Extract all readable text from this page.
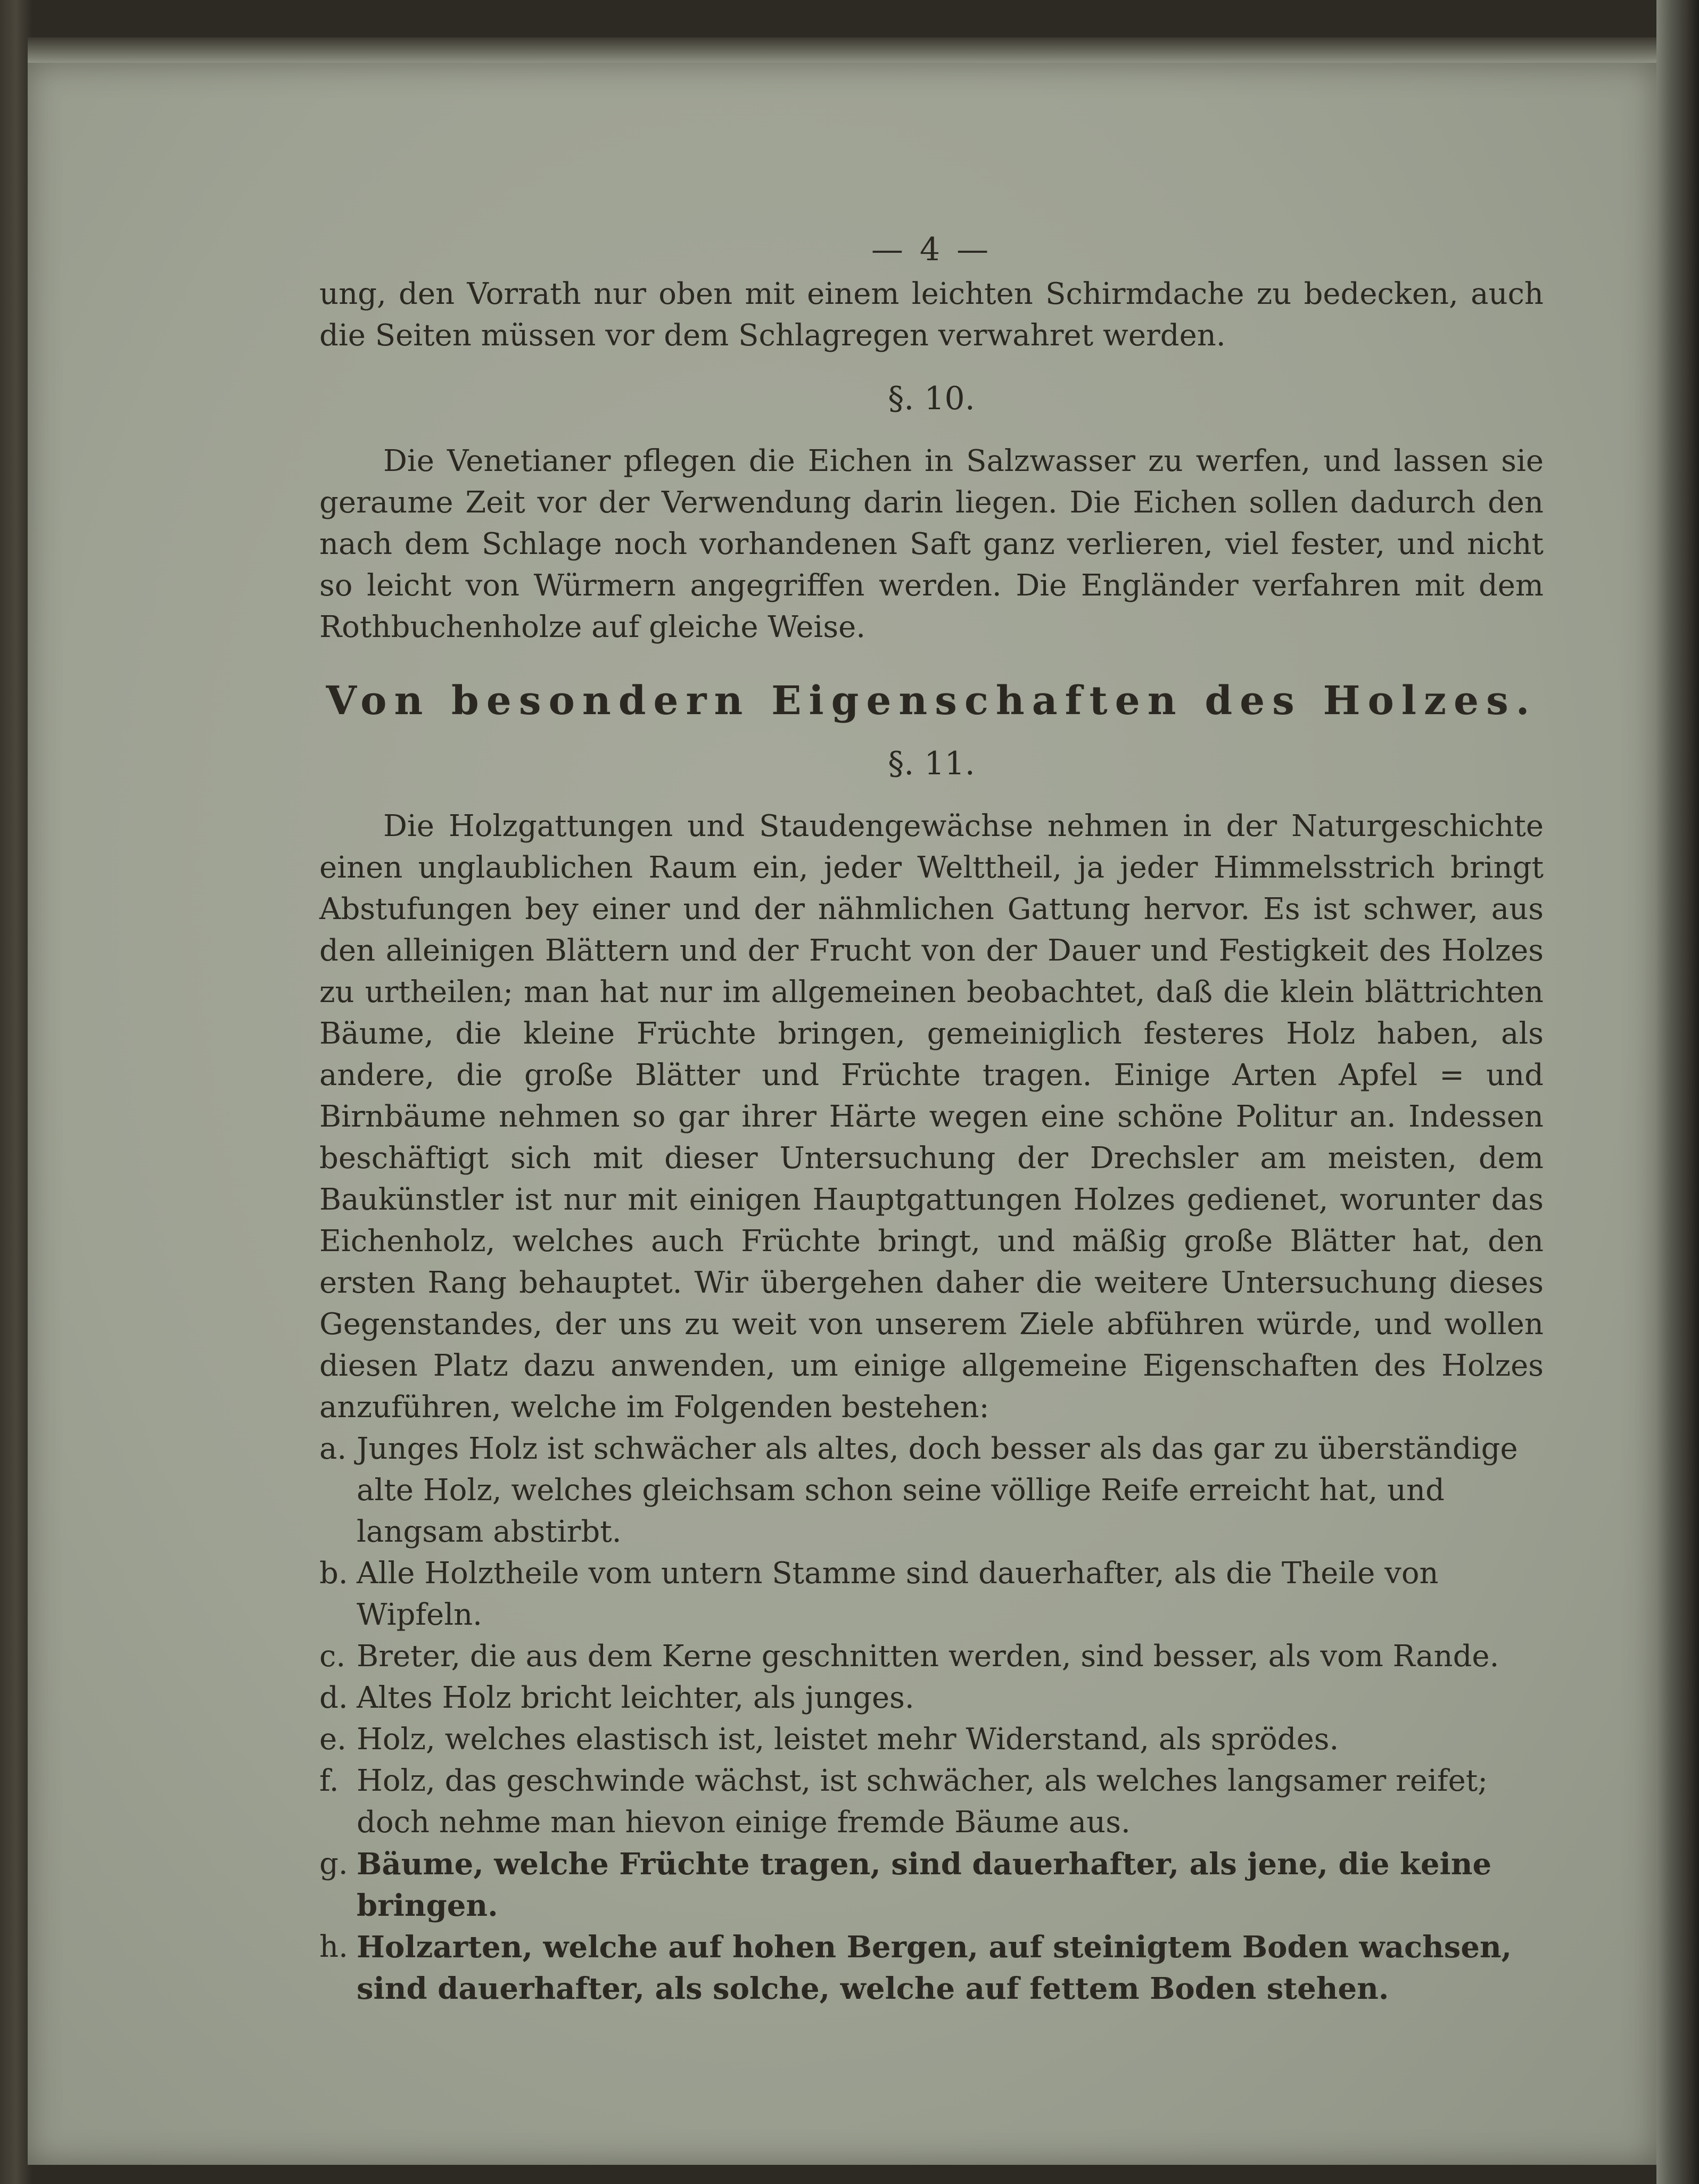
— 4 —

ung, den Vorrath nur oben mit einem leichten Schirmdache zu bedecken, auch die Seiten müssen vor dem Schlagregen verwahret werden.

§. 10.

Die Venetianer pflegen die Eichen in Salzwasser zu werfen, und lassen sie geraume Zeit vor der Verwendung darin liegen. Die Eichen sollen dadurch den nach dem Schlage noch vorhandenen Saft ganz verlieren, viel fester, und nicht so leicht von Würmern angegriffen werden. Die Engländer verfahren mit dem Rothbuchenholze auf gleiche Weise.

Von besondern Eigenschaften des Holzes.
§. 11.

Die Holzgattungen und Staudengewächse nehmen in der Naturgeschichte einen unglaublichen Raum ein, jeder Welttheil, ja jeder Himmelsstrich bringt Abstufungen bey einer und der nähmlichen Gattung hervor. Es ist schwer, aus den alleinigen Blättern und der Frucht von der Dauer und Festigkeit des Holzes zu urtheilen; man hat nur im allgemeinen beobachtet, daß die klein blättrichten Bäume, die kleine Früchte bringen, gemeiniglich festeres Holz haben, als andere, die große Blätter und Früchte tragen. Einige Arten Apfel = und Birnbäume nehmen so gar ihrer Härte wegen eine schöne Politur an. Indessen beschäftigt sich mit dieser Untersuchung der Drechsler am meisten, dem Baukünstler ist nur mit einigen Hauptgattungen Holzes gedienet, worunter das Eichenholz, welches auch Früchte bringt, und mäßig große Blätter hat, den ersten Rang behauptet. Wir übergehen daher die weitere Untersuchung dieses Gegenstandes, der uns zu weit von unserem Ziele abführen würde, und wollen diesen Platz dazu anwenden, um einige allgemeine Eigenschaften des Holzes anzuführen, welche im Folgenden bestehen:

a. Junges Holz ist schwächer als altes, doch besser als das gar zu überständige alte Holz, welches gleichsam schon seine völlige Reife erreicht hat, und langsam abstirbt.
b. Alle Holztheile vom untern Stamme sind dauerhafter, als die Theile von Wipfeln.
c. Breter, die aus dem Kerne geschnitten werden, sind besser, als vom Rande.
d. Altes Holz bricht leichter, als junges.
e. Holz, welches elastisch ist, leistet mehr Widerstand, als sprödes.
f. Holz, das geschwinde wächst, ist schwächer, als welches langsamer reifet; doch nehme man hievon einige fremde Bäume aus.
g. Bäume, welche Früchte tragen, sind dauerhafter, als jene, die keine bringen.
h. Holzarten, welche auf hohen Bergen, auf steinigtem Boden wachsen, sind dauerhafter, als solche, welche auf fettem Boden stehen.
